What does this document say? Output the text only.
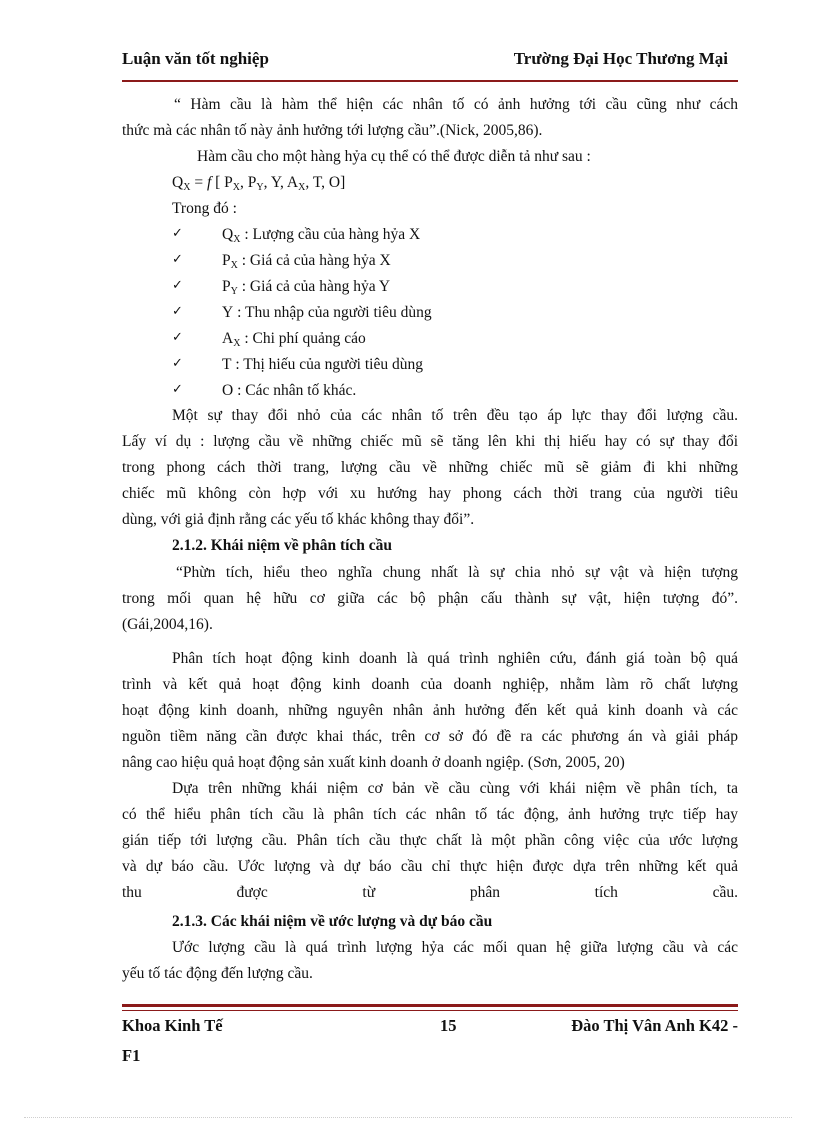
Luận văn tốt nghiệp	Trường Đại Học Thương Mại
“ Hàm cầu là hàm thể hiện các nhân tố có ảnh hưởng tới cầu cũng như cách
thức mà các nhân tố này ảnh hưởng tới lượng cầu”.(Nick, 2005,86).
Hàm cầu cho một hàng hỷa cụ thể có thể được diễn tả như sau :
$Q_X = f$ [ $P_X$, $P_Y$, Y, $A_X$, T, O]
Trong đó :
✓	$Q_X$ : Lượng cầu của hàng hỷa X
✓	$P_X$ : Giá cả của hàng hỷa X
✓	$P_Y$ : Giá cả của hàng hỷa Y
✓	Y : Thu nhập của người tiêu dùng
✓	$A_X$ : Chi phí quảng cáo
✓	T : Thị hiếu của người tiêu dùng
✓	O : Các nhân tố khác.
Một sự thay đổi nhỏ của các nhân tố trên đều tạo áp lực thay đổi lượng cầu.
Lấy ví dụ : lượng cầu về những chiếc mũ sẽ tăng lên khi thị hiếu hay có sự thay đổi
trong phong cách thời trang, lượng cầu về những chiếc mũ sẽ giảm đi khi những
chiếc mũ không còn hợp với xu hướng hay phong cách thời trang của người tiêu
dùng, với giả định rằng các yếu tố khác không thay đổi”.
2.1.2. Khái niệm về phân tích cầu
“Phừn tích, hiểu theo nghĩa chung nhất là sự chia nhỏ sự vật và hiện tượng
trong mối quan hệ hữu cơ giữa các bộ phận cấu thành sự vật, hiện tượng đó”.
(Gái,2004,16).
Phân tích hoạt động kinh doanh là quá trình nghiên cứu, đánh giá toàn bộ quá
trình và kết quả hoạt động kinh doanh của doanh nghiệp, nhằm làm rõ chất lượng
hoạt động kinh doanh, những nguyên nhân ảnh hưởng đến kết quả kinh doanh và các
nguồn tiềm năng cần được khai thác, trên cơ sở đó đề ra các phương án và giải pháp
nâng cao hiệu quả hoạt động sản xuất kinh doanh ở doanh ngiệp. (Sơn, 2005, 20)
Dựa trên những khái niệm cơ bản về cầu cùng với khái niệm về phân tích, ta
có thể hiểu phân tích cầu là phân tích các nhân tố tác động, ảnh hưởng trực tiếp hay
gián tiếp tới lượng cầu. Phân tích cầu thực chất là một phần công việc của ước lượng
và dự báo cầu. Ước lượng và dự báo cầu chỉ thực hiện được dựa trên những kết quả
thu được từ phân tích cầu.
2.1.3. Các khái niệm về ước lượng và dự báo cầu
Ước lượng cầu là quá trình lượng hỷa các mối quan hệ giữa lượng cầu và các
yếu tố tác động đến lượng cầu.
Khoa Kinh Tế	15	Đào Thị Vân Anh K42 -
F1
